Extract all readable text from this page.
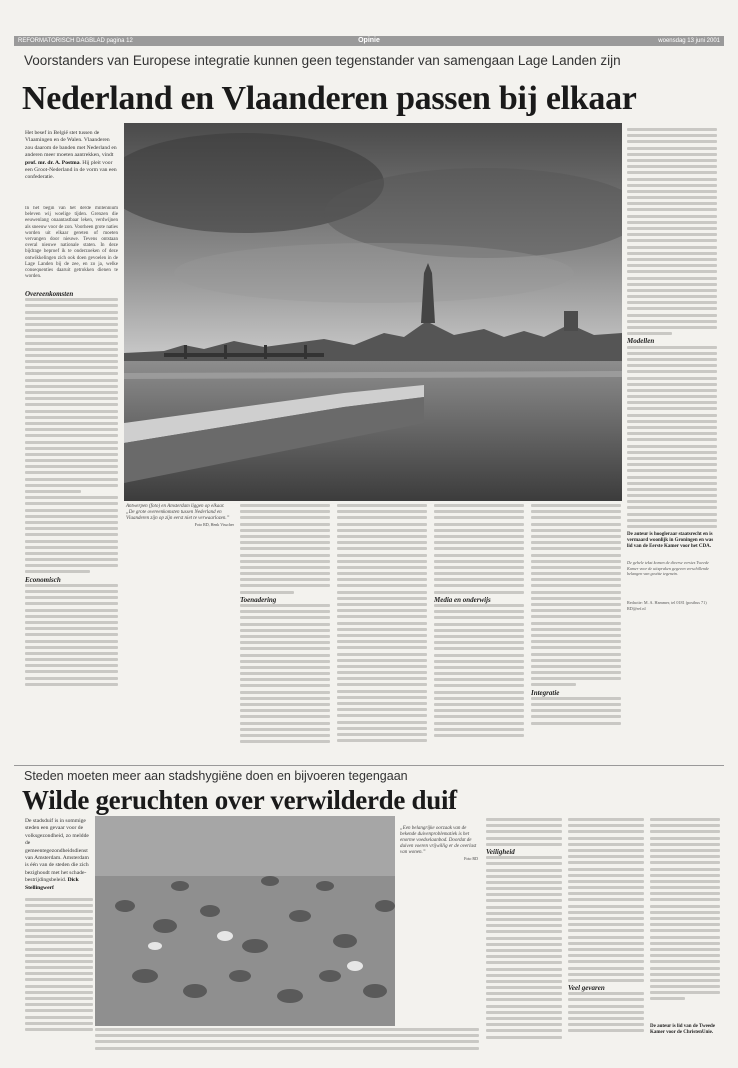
REFORMATORISCH DAGBLAD pagina 12	Opinie	woensdag 13 juni 2001
Voorstanders van Europese integratie kunnen geen tegenstander van samengaan Lage Landen zijn
Nederland en Vlaanderen passen bij elkaar
Het besef in België stet tussen de Vlaamingen en de Walen. Vlaanderen zou daarom de banden met Nederland en anderen meer moeten aantrekken, vindt prof. mr. dr. A. Postma. Hij pleit voor een Groot-Nederland in de vorm van een confederatie.

In het begin van het derde millennium beleven wij woelige tijden. Grenzen die eeuwenlang onaantastbaar leken, verdwijnen als sneeuw voor de zon. Voorheen grote naties worden uit elkaar gereten of moeten vervangen door nieuwe. Tevens ontstaan overal nieuwe nationale staten. In deze bijdrage beproef ik te onderzoeken of deze ontwikkelingen zich ook doen gevoelen in de Lage Landen bij de zee, en zo ja, welke consequenties daaruit getrokken dienen te worden.

Overeenkomsten
Economisch
Modellen
De auteur is hoogleraar staatsrecht en is vermaard woonlijk in Groningen en was lid van de Eerste Kamer voor het CDA.
De gehele tekst komen de diverse versies Tweede Kamer voor de uitspraken gegeven verschillende belangen van geuitte tegenzin.
Redactie: M. A. Hammer, tel 0181 (postbus 71) RD@ref.nl
Antwerpen (foto) en Amsterdam liggen op elkaar. „De grote overeenkomsten tussen Nederland en Vlaanderen zijn op zijn eerst niet te verwaarlozen.”
Foto RD, Henk Visscher
Toenadering	Media en onderwijs
Integratie
Steden moeten meer aan stadshygiëne doen en bijvoeren tegengaan
Wilde geruchten over verwilderde duif
De stadsduif is in sommige steden een gevaar voor de volksgezondheid, zo meldde de gemeentegezondheidsdienst van Amsterdam. Amsterdam is één van de steden die zich bezighoudt met het schade-bestrijdingsbeleid. Dick Stellingwerf
„Een belangrijke oorzaak van de bekende duivenproblematiek is het enorme voedselaanbod. Doordat de duiven voeren vrijwillig er de overlast van wonen.”
Foto RD
Veiligheid
Veel gevaren
De auteur is lid van de Tweede Kamer voor de ChristenUnie.
